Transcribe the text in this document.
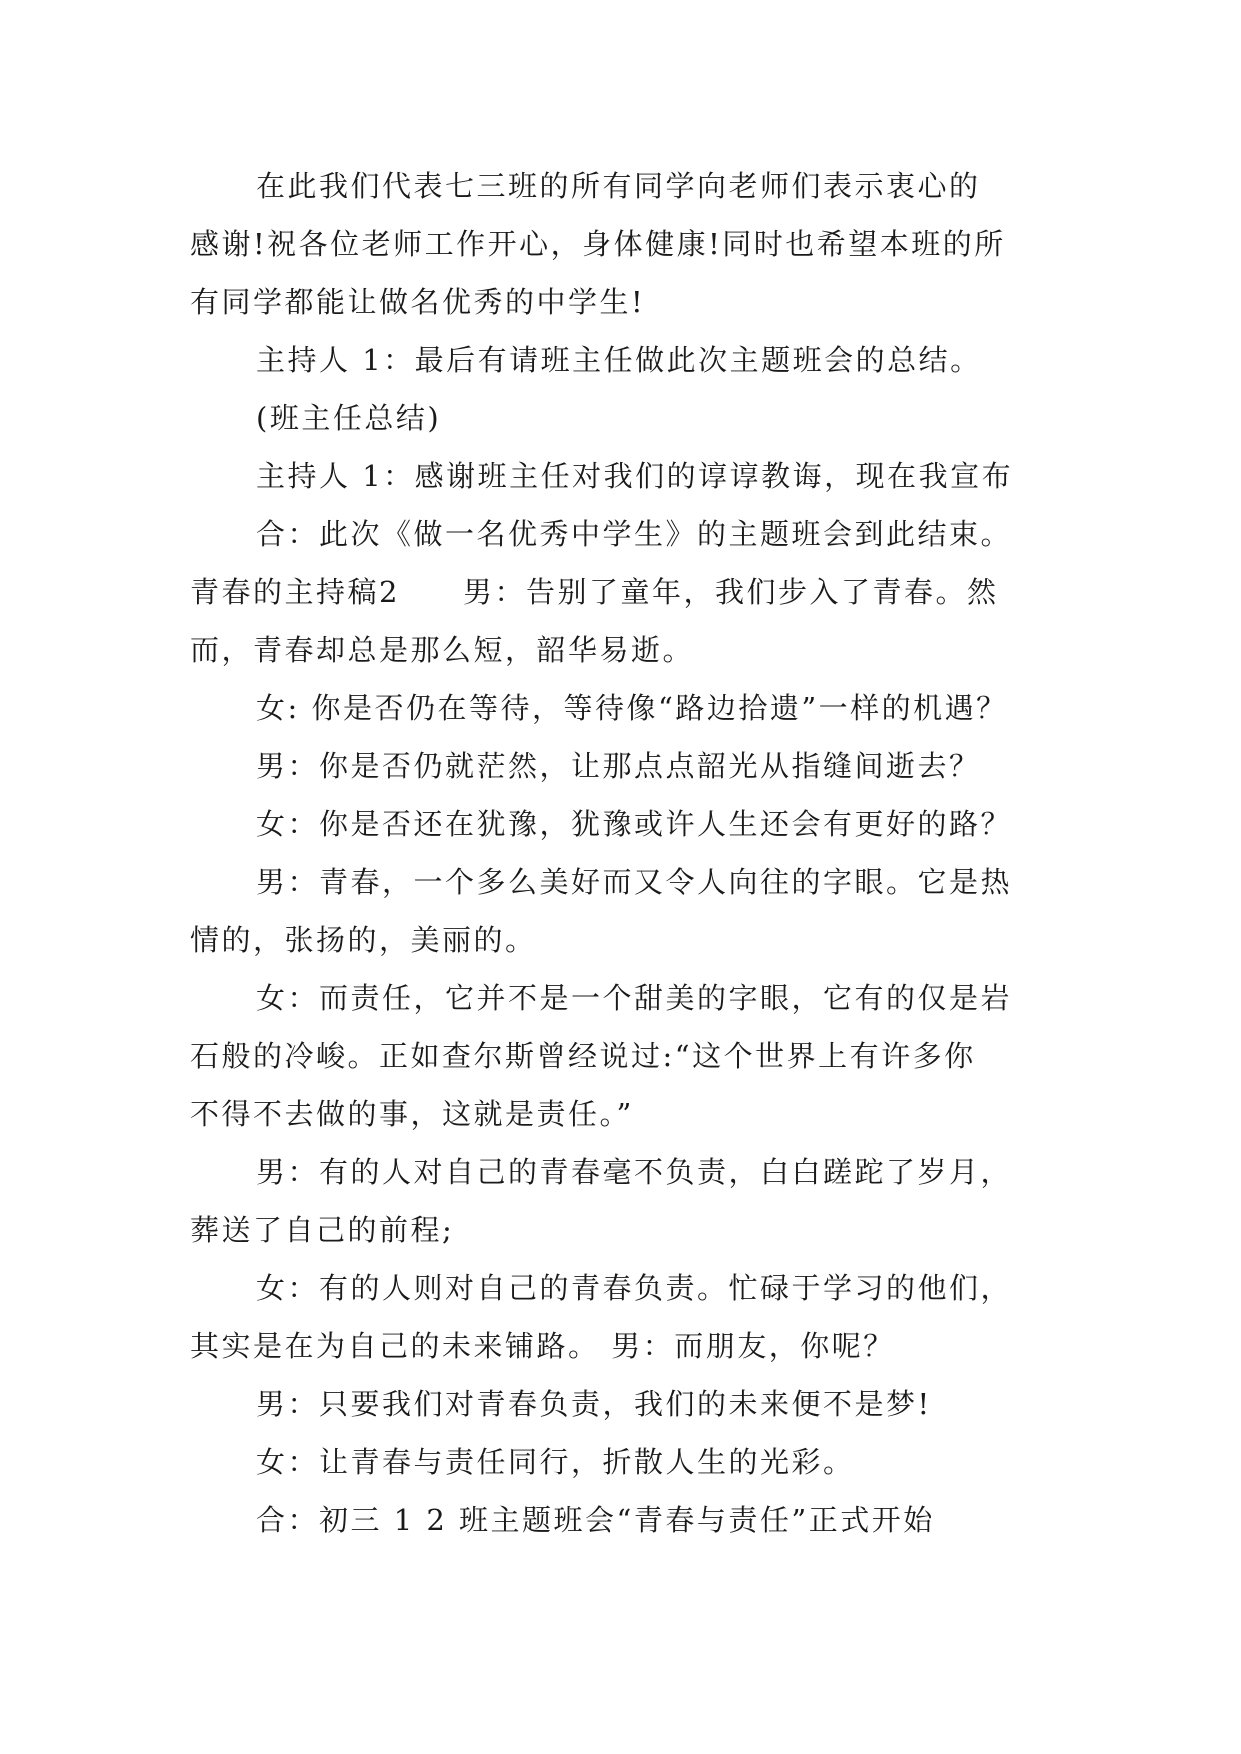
在此我们代表七三班的所有同学向老师们表示衷心的
感谢!祝各位老师工作开心，身体健康!同时也希望本班的所
有同学都能让做名优秀的中学生!
主持人 1：最后有请班主任做此次主题班会的总结。
(班主任总结)
主持人 1：感谢班主任对我们的谆谆教诲，现在我宣布
合：此次《做一名优秀中学生》的主题班会到此结束。
青春的主持稿2　　男：告别了童年，我们步入了青春。然
而，青春却总是那么短，韶华易逝。
女: 你是否仍在等待，等待像“路边拾遗”一样的机遇？
男：你是否仍就茫然，让那点点韶光从指缝间逝去？
女：你是否还在犹豫，犹豫或许人生还会有更好的路？
男：青春，一个多么美好而又令人向往的字眼。它是热
情的，张扬的，美丽的。
女：而责任，它并不是一个甜美的字眼，它有的仅是岩
石般的冷峻。正如查尔斯曾经说过:“这个世界上有许多你
不得不去做的事，这就是责任。”
男：有的人对自己的青春毫不负责，白白蹉跎了岁月，
葬送了自己的前程;
女：有的人则对自己的青春负责。忙碌于学习的他们，
其实是在为自己的未来铺路。 男：而朋友，你呢？
男：只要我们对青春负责，我们的未来便不是梦!
女：让青春与责任同行，折散人生的光彩。
合：初三 1 2 班主题班会“青春与责任”正式开始
